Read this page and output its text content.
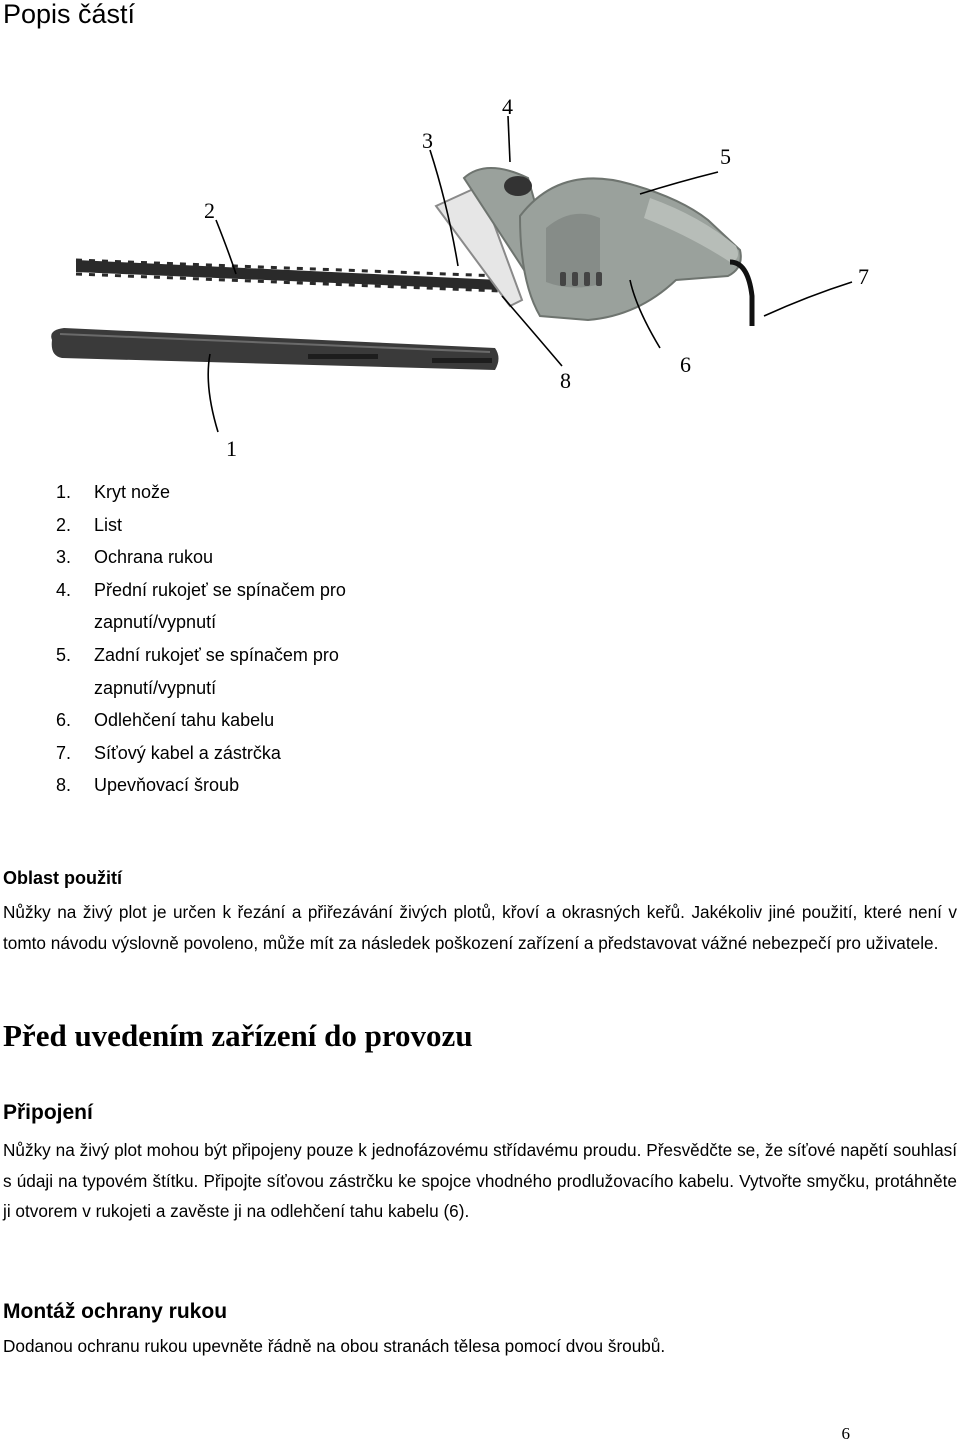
Popis částí
1
2
3
4
5
6
7
8
1.	Kryt nože
2.	List
3.	Ochrana rukou
4.	Přední rukojeť se spínačem pro zapnutí/vypnutí
5.	Zadní rukojeť se spínačem pro zapnutí/vypnutí
6.	Odlehčení tahu kabelu
7.	Síťový kabel a zástrčka
8.	Upevňovací šroub
Oblast použití

Nůžky na živý plot je určen k řezání a přiřezávání živých plotů, křoví a okrasných keřů. Jakékoliv jiné použití, které není v tomto návodu výslovně povoleno, může mít za následek poškození zařízení a představovat vážné nebezpečí pro uživatele.

Před uvedením zařízení do provozu
Připojení

Nůžky na živý plot mohou být připojeny pouze k jednofázovému střídavému proudu. Přesvědčte se, že síťové napětí souhlasí s údaji na typovém štítku. Připojte síťovou zástrčku ke spojce vhodného prodlužovacího kabelu. Vytvořte smyčku, protáhněte ji otvorem v rukojeti a zavěste ji na odlehčení tahu kabelu (6).

Montáž ochrany rukou

Dodanou ochranu rukou upevněte řádně na obou stranách tělesa pomocí dvou šroubů.

6
